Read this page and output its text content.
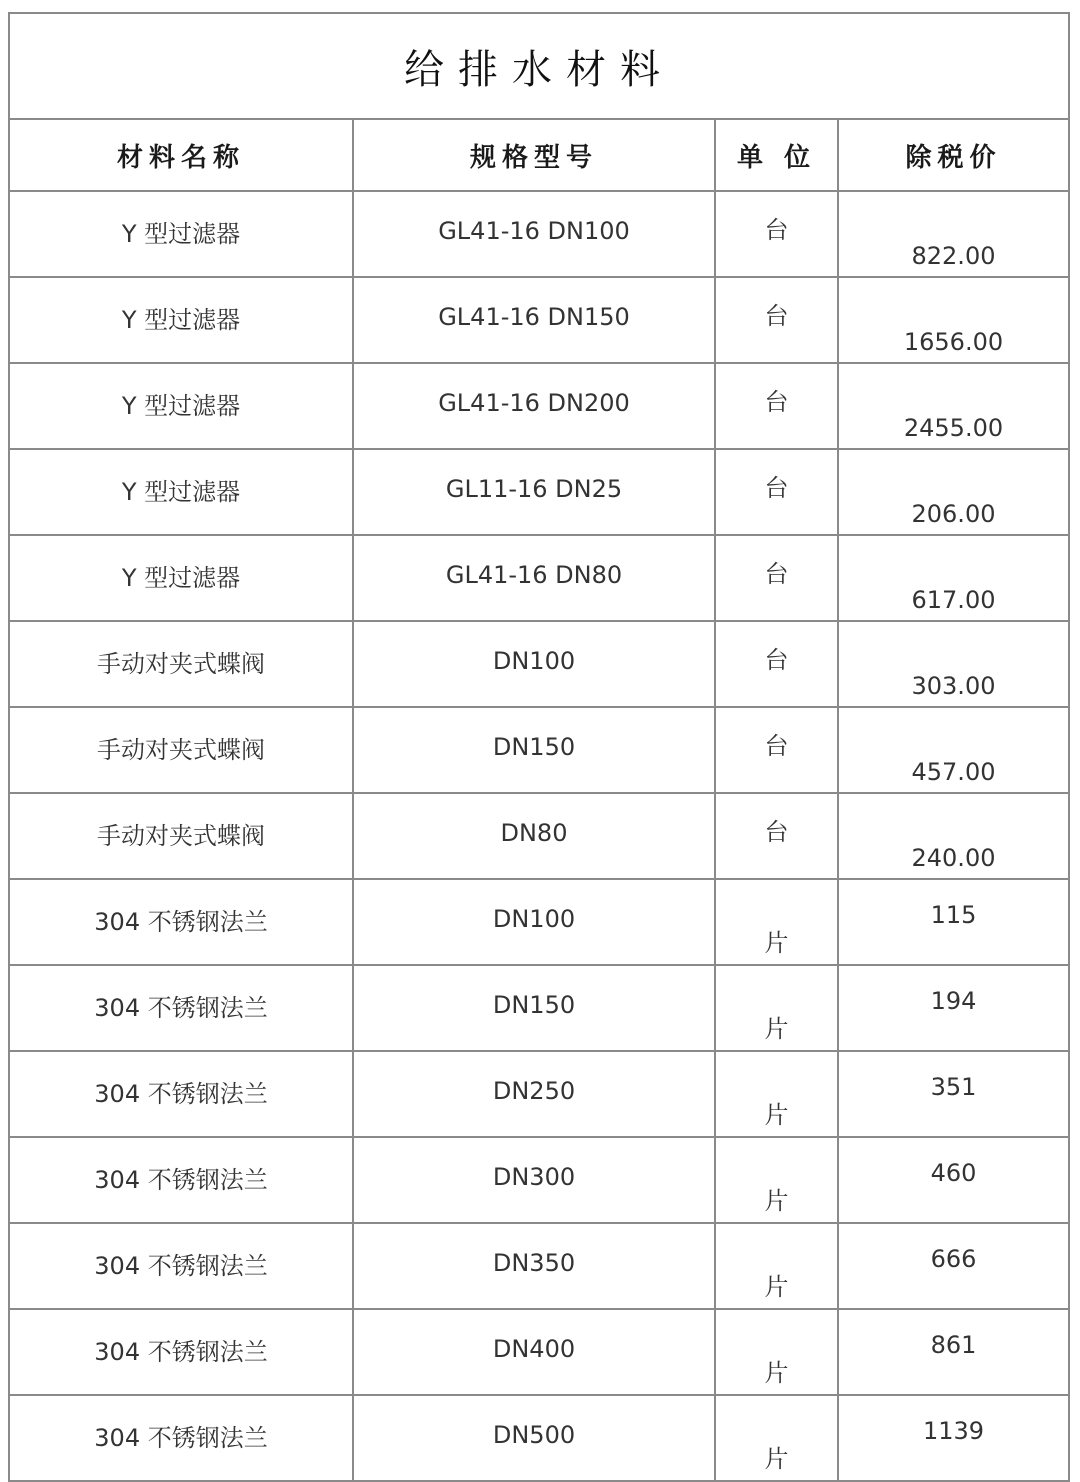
给排水材料			
材料名称	规格型号	单 位	除税价
Y 型过滤器	GL41-16 DN100	台	822.00
Y 型过滤器	GL41-16 DN150	台	1656.00
Y 型过滤器	GL41-16 DN200	台	2455.00
Y 型过滤器	GL11-16 DN25	台	206.00
Y 型过滤器	GL41-16 DN80	台	617.00
手动对夹式蝶阀	DN100	台	303.00
手动对夹式蝶阀	DN150	台	457.00
手动对夹式蝶阀	DN80	台	240.00
304 不锈钢法兰	DN100	片	115
304 不锈钢法兰	DN150	片	194
304 不锈钢法兰	DN250	片	351
304 不锈钢法兰	DN300	片	460
304 不锈钢法兰	DN350	片	666
304 不锈钢法兰	DN400	片	861
304 不锈钢法兰	DN500	片	1139
